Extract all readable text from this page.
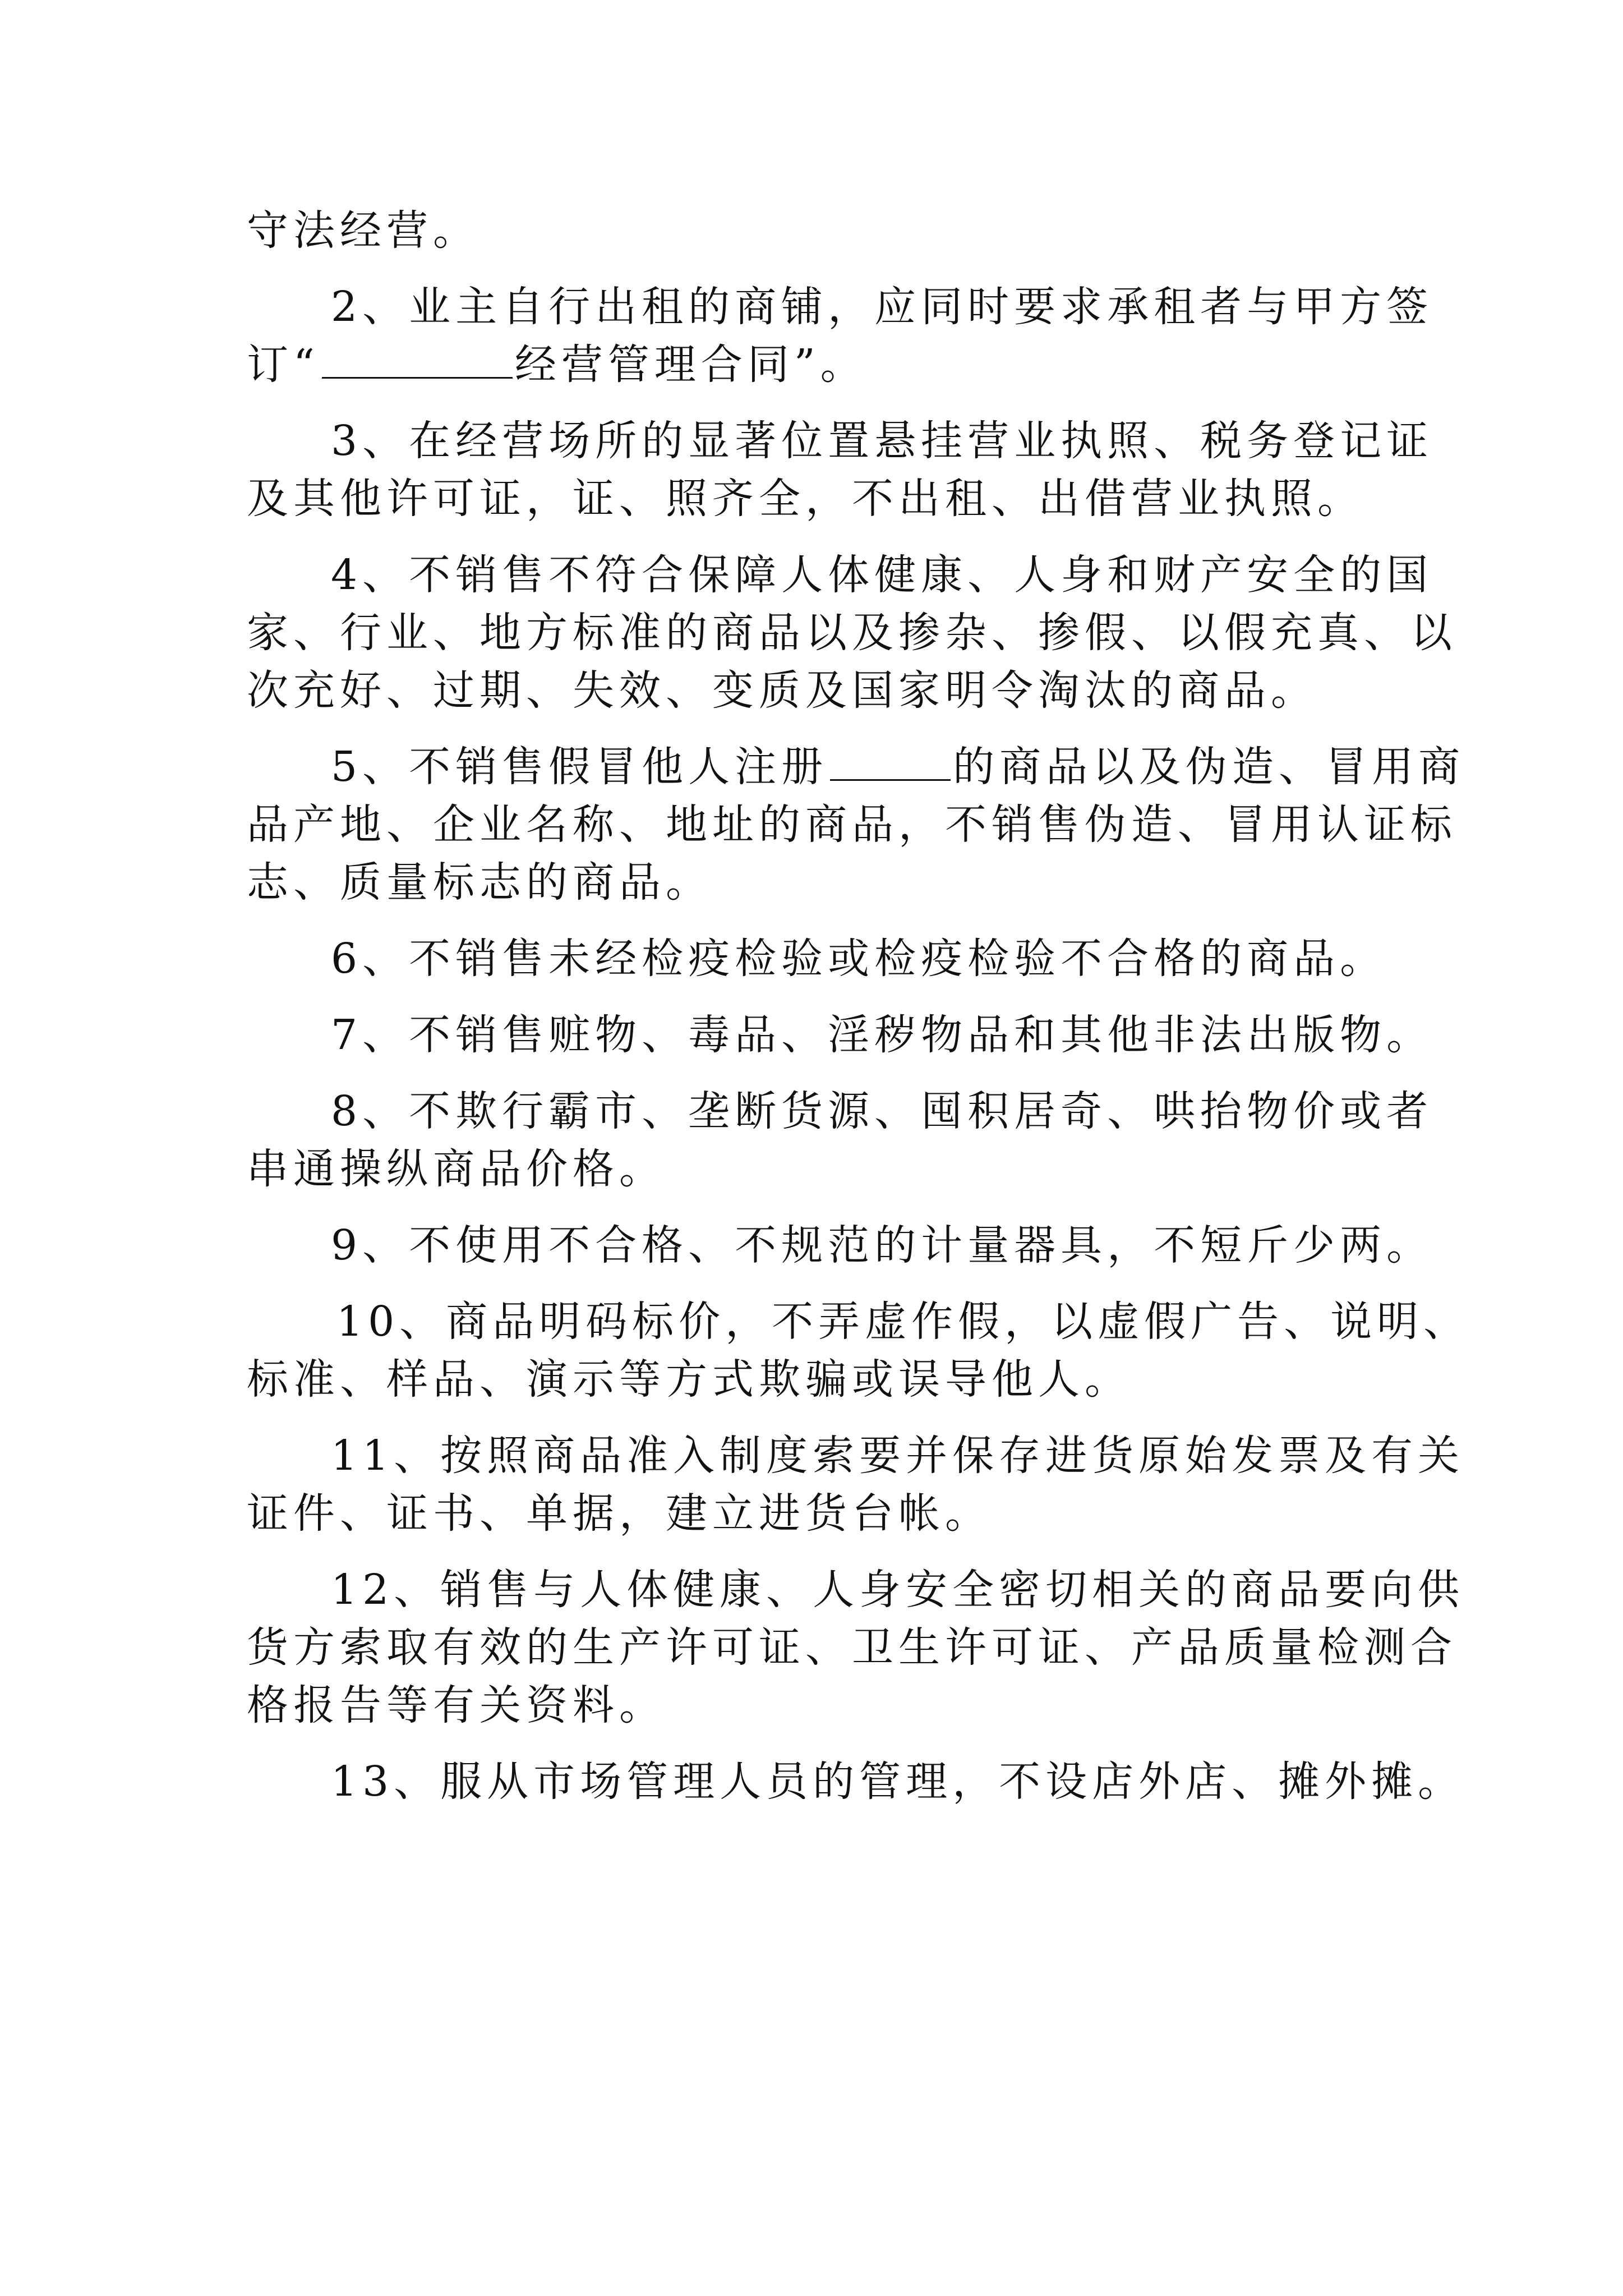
守法经营。
2、业主自行出租的商铺，应同时要求承租者与甲方签
订“	经营管理合同”。
3、在经营场所的显著位置悬挂营业执照、税务登记证
及其他许可证，证、照齐全，不出租、出借营业执照。
4、不销售不符合保障人体健康、人身和财产安全的国
家、行业、地方标准的商品以及掺杂、掺假、以假充真、以
次充好、过期、失效、变质及国家明令淘汰的商品。
5、不销售假冒他人注册	的商品以及伪造、冒用商
品产地、企业名称、地址的商品，不销售伪造、冒用认证标
志、质量标志的商品。
6、不销售未经检疫检验或检疫检验不合格的商品。
7、不销售赃物、毒品、淫秽物品和其他非法出版物。
8、不欺行霸市、垄断货源、囤积居奇、哄抬物价或者
串通操纵商品价格。
9、不使用不合格、不规范的计量器具，不短斤少两。
10、商品明码标价，不弄虚作假，以虚假广告、说明、
标准、样品、演示等方式欺骗或误导他人。
11、按照商品准入制度索要并保存进货原始发票及有关
证件、证书、单据，建立进货台帐。
12、销售与人体健康、人身安全密切相关的商品要向供
货方索取有效的生产许可证、卫生许可证、产品质量检测合
格报告等有关资料。
13、服从市场管理人员的管理，不设店外店、摊外摊。
